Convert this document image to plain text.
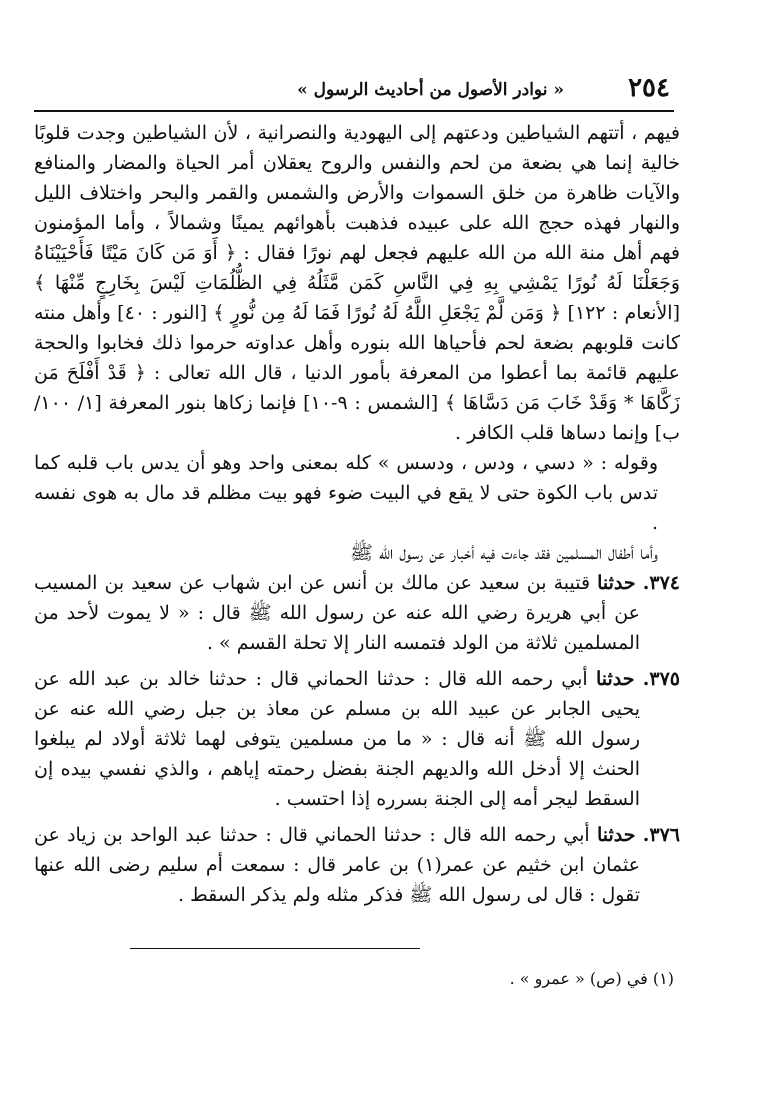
٢٥٤
« نوادر الأصول من أحاديث الرسول »

فيهم ، أتتهم الشياطين ودعتهم إلى اليهودية والنصرانية ، لأن الشياطين وجدت قلوبًا خالية إنما هي بضعة من لحم والنفس والروح يعقلان أمر الحياة والمضار والمنافع والآيات ظاهرة من خلق السموات والأرض والشمس والقمر والبحر واختلاف الليل والنهار فهذه حجج الله على عبيده فذهبت بأهوائهم يمينًا وشمالاً ، وأما المؤمنون فهم أهل منة الله من الله عليهم فجعل لهم نورًا فقال : ﴿ أَوَ مَن كَانَ مَيْتًا فَأَحْيَيْنَاهُ وَجَعَلْنَا لَهُ نُورًا يَمْشِي بِهِ فِي النَّاسِ كَمَن مَّثَلُهُ فِي الظُّلُمَاتِ لَيْسَ بِخَارِجٍ مِّنْهَا ﴾ [الأنعام : ١٢٢] ﴿ وَمَن لَّمْ يَجْعَلِ اللَّهُ لَهُ نُورًا فَمَا لَهُ مِن نُّورٍ ﴾ [النور : ٤٠] وأهل منته كانت قلوبهم بضعة لحم فأحياها الله بنوره وأهل عداوته حرموا ذلك فخابوا والحجة عليهم قائمة بما أعطوا من المعرفة بأمور الدنيا ، قال الله تعالى : ﴿ قَدْ أَفْلَحَ مَن زَكَّاهَا * وَقَدْ خَابَ مَن دَسَّاهَا ﴾ [الشمس : ٩-١٠] فإنما زكاها بنور المعرفة [١/ ١٠٠/ ب] وإنما دساها قلب الكافر .

وقوله : « دسي ، ودس ، ودسس » كله بمعنى واحد وهو أن يدس باب قلبه كما تدس باب الكوة حتى لا يقع في البيت ضوء فهو بيت مظلم قد مال به هوى نفسه .

وأما أطفال المسلمين فقد جاءت فيه أخبار عن رسول الله ﷺ

٣٧٤. حدثنا قتيبة بن سعيد عن مالك بن أنس عن ابن شهاب عن سعيد بن المسيب عن أبي هريرة رضي الله عنه عن رسول الله ﷺ قال : « لا يموت لأحد من المسلمين ثلاثة من الولد فتمسه النار إلا تحلة القسم » .

٣٧٥. حدثنا أبي رحمه الله قال : حدثنا الحماني قال : حدثنا خالد بن عبد الله عن يحيى الجابر عن عبيد الله بن مسلم عن معاذ بن جبل رضي الله عنه عن رسول الله ﷺ أنه قال : « ما من مسلمين يتوفى لهما ثلاثة أولاد لم يبلغوا الحنث إلا أدخل الله والديهم الجنة بفضل رحمته إياهم ، والذي نفسي بيده إن السقط ليجر أمه إلى الجنة بسرره إذا احتسب .

٣٧٦. حدثنا أبي رحمه الله قال : حدثنا الحماني قال : حدثنا عبد الواحد بن زياد عن عثمان ابن خثيم عن عمر(١) بن عامر قال : سمعت أم سليم رضى الله عنها تقول : قال لى رسول الله ﷺ فذكر مثله ولم يذكر السقط .

(١) في (ص) « عمرو » .
